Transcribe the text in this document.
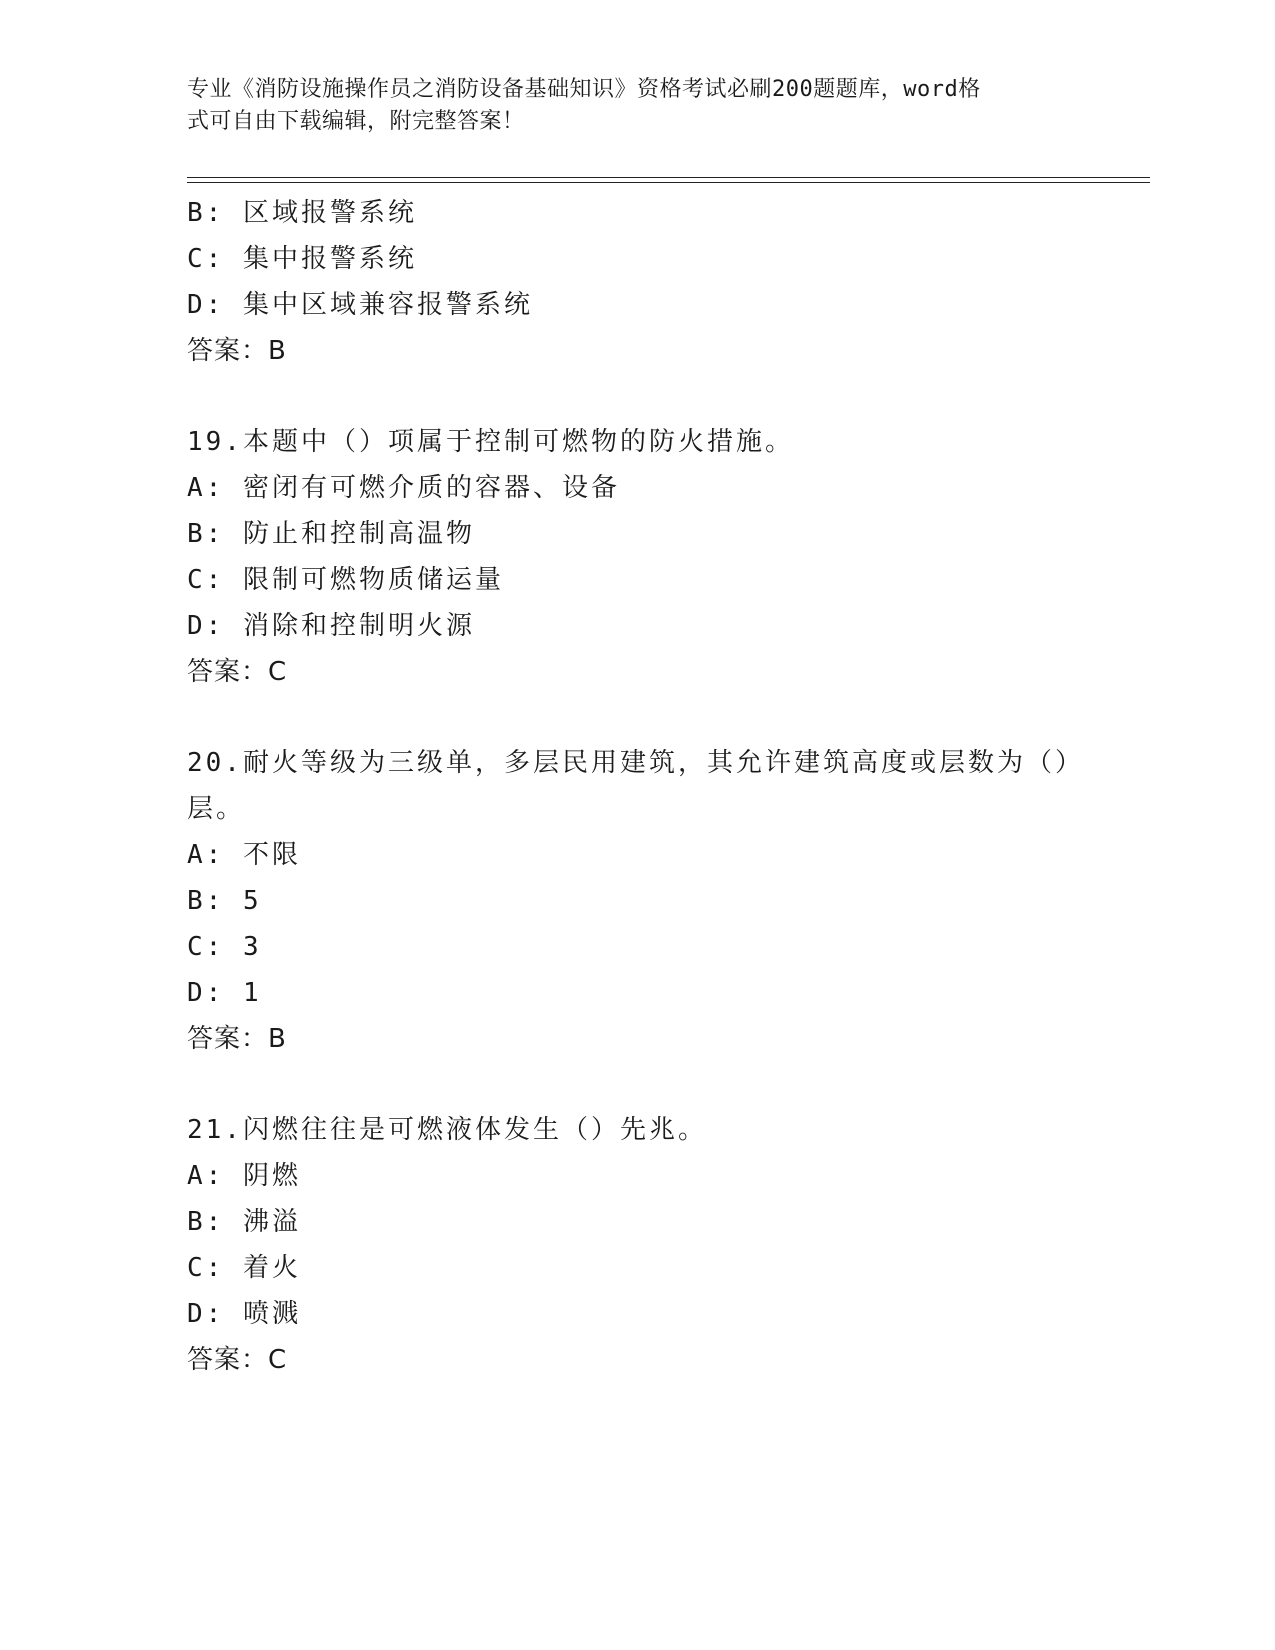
专业《消防设施操作员之消防设备基础知识》资格考试必刷200题题库，word格
式可自由下载编辑，附完整答案！
B: 区域报警系统
C: 集中报警系统
D: 集中区域兼容报警系统
答案：B
19.本题中（）项属于控制可燃物的防火措施。
A: 密闭有可燃介质的容器、设备
B: 防止和控制高温物
C: 限制可燃物质储运量
D: 消除和控制明火源
答案：C
20.耐火等级为三级单，多层民用建筑，其允许建筑高度或层数为（）
层。
A: 不限
B: 5
C: 3
D: 1
答案：B
21.闪燃往往是可燃液体发生（）先兆。
A: 阴燃
B: 沸溢
C: 着火
D: 喷溅
答案：C
